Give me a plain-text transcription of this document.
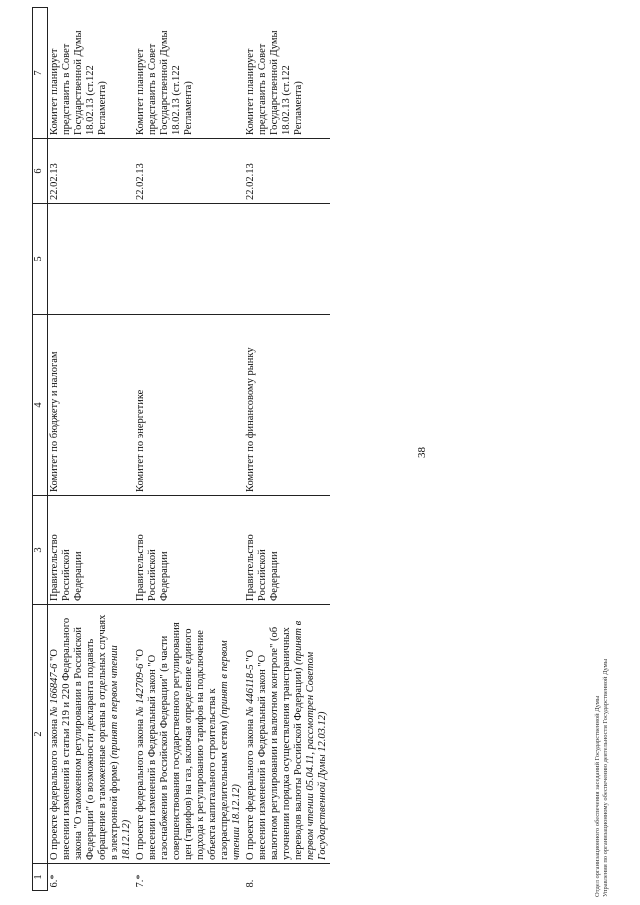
38
1	2	3	4	5	6	7
6.*	О проекте федерального закона № 166847-6 "О внесении изменений в статьи 219 и 220 Федерального закона "О таможенном регулировании в Российской Федерации" (о возможности декларанта подавать обращение в таможенные органы в отдельных случаях в электронной форме) (принят в первом чтении 18.12.12)	Правительство Российской Федерации	Комитет по бюджету и налогам		22.02.13	Комитет планирует представить в Совет Государственной Думы 18.02.13 (ст.122 Регламента)
7.*	О проекте федерального закона № 142709-6 "О внесении изменений в Федеральный закон "О газоснабжении в Российской Федерации" (в части совершенствования государственного регулирования цен (тарифов) на газ, включая определение единого подхода к регулированию тарифов на подключение объекта капитального строительства к газораспределительным сетям) (принят в первом чтении 18.12.12)	Правительство Российской Федерации	Комитет по энергетике		22.02.13	Комитет планирует представить в Совет Государственной Думы 18.02.13 (ст.122 Регламента)
8.	О проекте федерального закона № 446118-5 "О внесении изменений в Федеральный закон "О валютном регулировании и валютном контроле" (об уточнении порядка осуществления трансграничных переводов валюты Российской Федерации) (принят в первом чтении 05.04.11, рассмотрен Советом Государственной Думы 12.03.12)	Правительство Российской Федерации	Комитет по финансовому рынку		22.02.13	Комитет планирует представить в Совет Государственной Думы 18.02.13 (ст.122 Регламента)
Отдел организационного обеспечения заседаний Государственной Думы Управления по организационному обеспечению деятельности Государственной Думы
